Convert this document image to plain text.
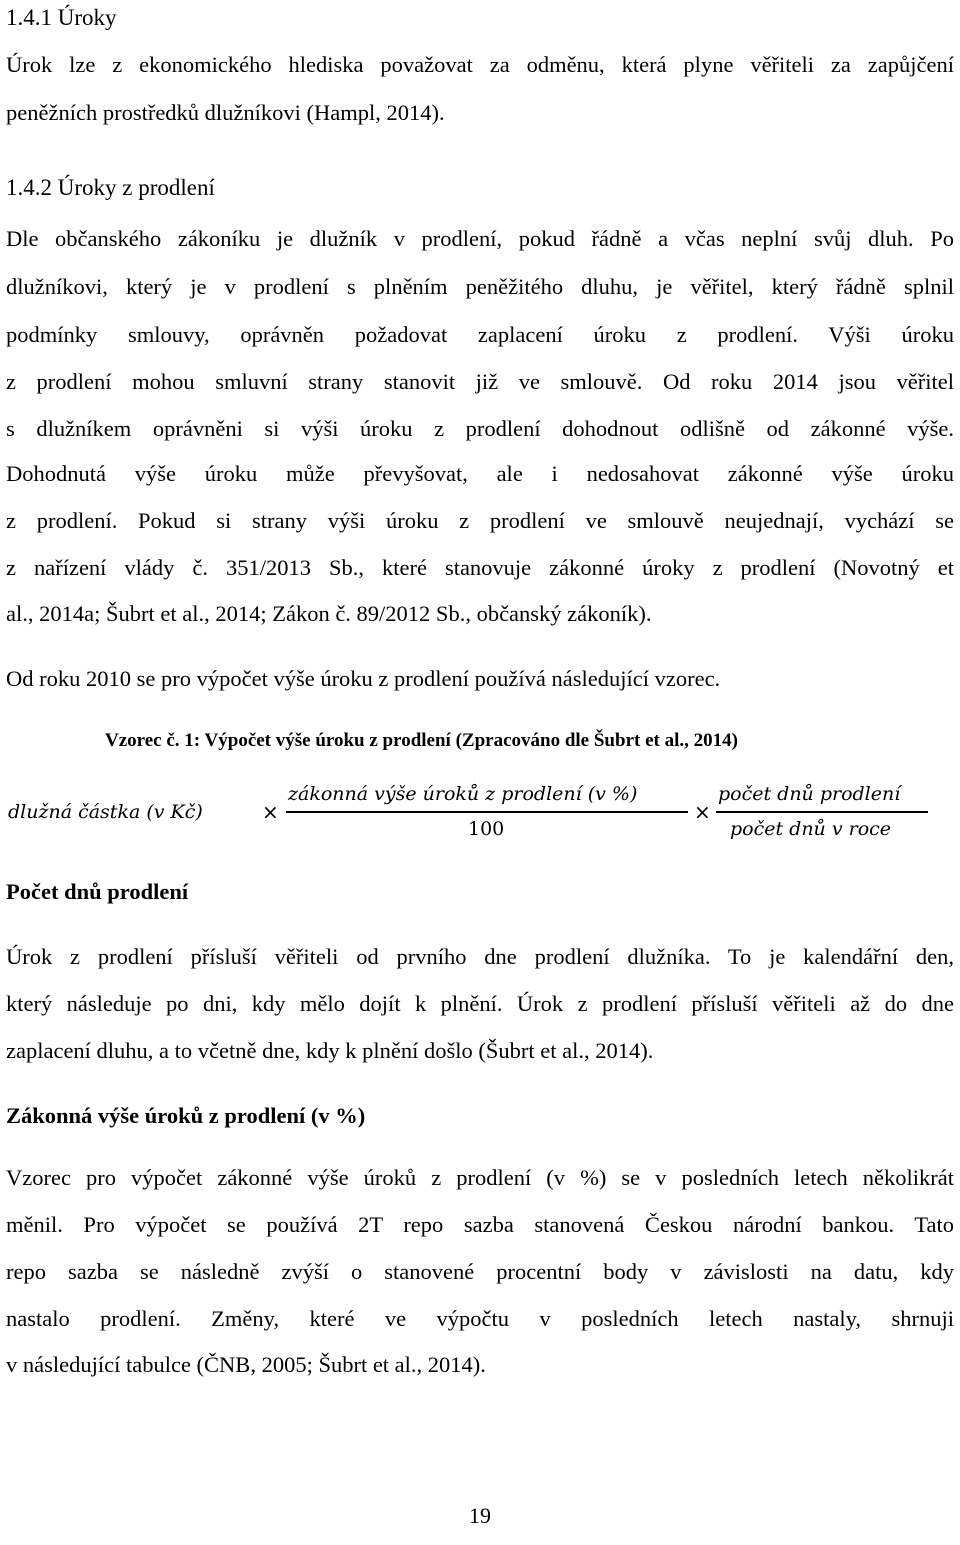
1.4.1 Úroky
Úrok lze z ekonomického hlediska považovat za odměnu, která plyne věřiteli za zapůjčení
peněžních prostředků dlužníkovi (Hampl, 2014).
1.4.2 Úroky z prodlení
Dle občanského zákoníku je dlužník v prodlení, pokud řádně a včas neplní svůj dluh. Po
dlužníkovi, který je v prodlení s plněním peněžitého dluhu, je věřitel, který řádně splnil
podmínky smlouvy, oprávněn požadovat zaplacení úroku z prodlení. Výši úroku
z prodlení mohou smluvní strany stanovit již ve smlouvě. Od roku 2014 jsou věřitel
s dlužníkem oprávněni si výši úroku z prodlení dohodnout odlišně od zákonné výše.
Dohodnutá výše úroku může převyšovat, ale i nedosahovat zákonné výše úroku
z prodlení. Pokud si strany výši úroku z prodlení ve smlouvě neujednají, vychází se
z nařízení vlády č. 351/2013 Sb., které stanovuje zákonné úroky z prodlení (Novotný et
al., 2014a; Šubrt et al., 2014; Zákon č. 89/2012 Sb., občanský zákoník).
Od roku 2010 se pro výpočet výše úroku z prodlení používá následující vzorec.
Vzorec č. 1: Výpočet výše úroku z prodlení (Zpracováno dle Šubrt et al., 2014)
dlužná částka (v Kč)	×
zákonná výše úroků z prodlení (v %)
100
×
počet dnů prodlení
počet dnů v roce
Počet dnů prodlení
Úrok z prodlení přísluší věřiteli od prvního dne prodlení dlužníka. To je kalendářní den,
který následuje po dni, kdy mělo dojít k plnění. Úrok z prodlení přísluší věřiteli až do dne
zaplacení dluhu, a to včetně dne, kdy k plnění došlo (Šubrt et al., 2014).
Zákonná výše úroků z prodlení (v %)
Vzorec pro výpočet zákonné výše úroků z prodlení (v %) se v posledních letech několikrát
měnil. Pro výpočet se používá 2T repo sazba stanovená Českou národní bankou. Tato
repo sazba se následně zvýší o stanovené procentní body v závislosti na datu, kdy
nastalo prodlení. Změny, které ve výpočtu v posledních letech nastaly, shrnuji
v následující tabulce (ČNB, 2005; Šubrt et al., 2014).
19
